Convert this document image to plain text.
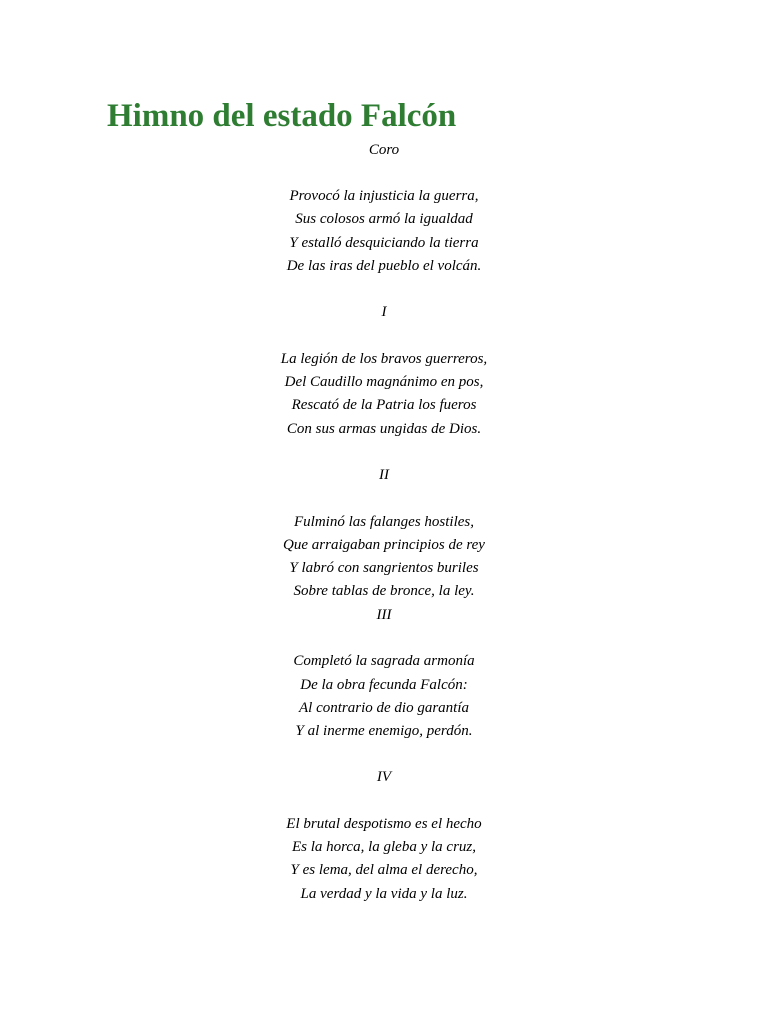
Himno del estado Falcón
Coro
Provocó la injusticia la guerra,
Sus colosos armó la igualdad
Y estalló desquiciando la tierra
De las iras del pueblo el volcán.
I
La legión de los bravos guerreros,
Del Caudillo magnánimo en pos,
Rescató de la Patria los fueros
Con sus armas ungidas de Dios.
II
Fulminó las falanges hostiles,
Que arraigaban principios de rey
Y labró con sangrientos buriles
Sobre tablas de bronce, la ley.
III
Completó la sagrada armonía
De la obra fecunda Falcón:
Al contrario de dio garantía
Y al inerme enemigo, perdón.
IV
El brutal despotismo es el hecho
Es la horca, la gleba y la cruz,
Y es lema, del alma el derecho,
La verdad y la vida y la luz.
